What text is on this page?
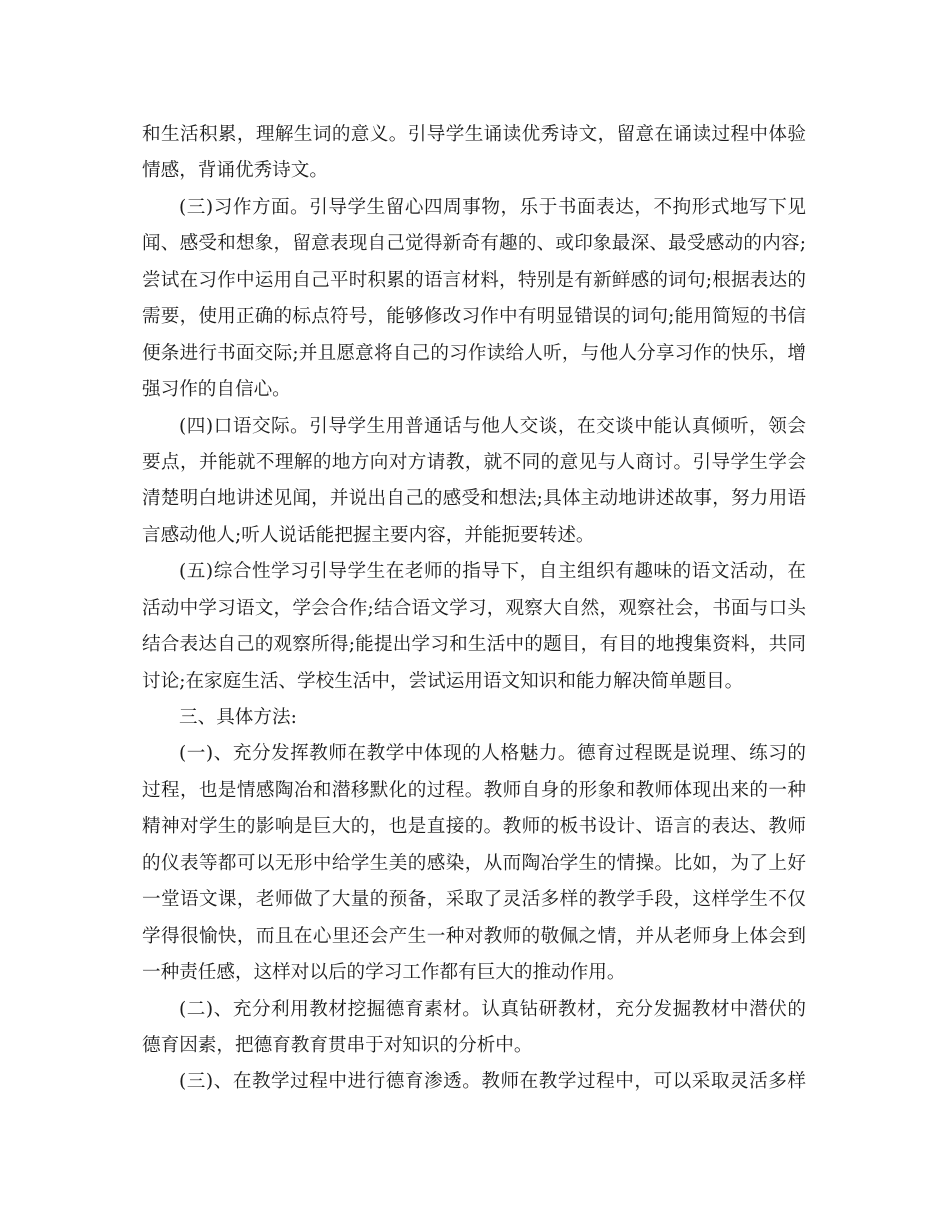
和生活积累，理解生词的意义。引导学生诵读优秀诗文，留意在诵读过程中体验
情感，背诵优秀诗文。
(三)习作方面。引导学生留心四周事物，乐于书面表达，不拘形式地写下见
闻、感受和想象，留意表现自己觉得新奇有趣的、或印象最深、最受感动的内容;
尝试在习作中运用自己平时积累的语言材料，特别是有新鲜感的词句;根据表达的
需要，使用正确的标点符号，能够修改习作中有明显错误的词句;能用简短的书信
便条进行书面交际;并且愿意将自己的习作读给人听，与他人分享习作的快乐，增
强习作的自信心。
(四)口语交际。引导学生用普通话与他人交谈，在交谈中能认真倾听，领会
要点，并能就不理解的地方向对方请教，就不同的意见与人商讨。引导学生学会
清楚明白地讲述见闻，并说出自己的感受和想法;具体主动地讲述故事，努力用语
言感动他人;听人说话能把握主要内容，并能扼要转述。
(五)综合性学习引导学生在老师的指导下，自主组织有趣味的语文活动，在
活动中学习语文，学会合作;结合语文学习，观察大自然，观察社会，书面与口头
结合表达自己的观察所得;能提出学习和生活中的题目，有目的地搜集资料，共同
讨论;在家庭生活、学校生活中，尝试运用语文知识和能力解决简单题目。
三、具体方法:
(一)、充分发挥教师在教学中体现的人格魅力。德育过程既是说理、练习的
过程，也是情感陶冶和潜移默化的过程。教师自身的形象和教师体现出来的一种
精神对学生的影响是巨大的，也是直接的。教师的板书设计、语言的表达、教师
的仪表等都可以无形中给学生美的感染，从而陶冶学生的情操。比如，为了上好
一堂语文课，老师做了大量的预备，采取了灵活多样的教学手段，这样学生不仅
学得很愉快，而且在心里还会产生一种对教师的敬佩之情，并从老师身上体会到
一种责任感，这样对以后的学习工作都有巨大的推动作用。
(二)、充分利用教材挖掘德育素材。认真钻研教材，充分发掘教材中潜伏的
德育因素，把德育教育贯串于对知识的分析中。
(三)、在教学过程中进行德育渗透。教师在教学过程中，可以采取灵活多样
